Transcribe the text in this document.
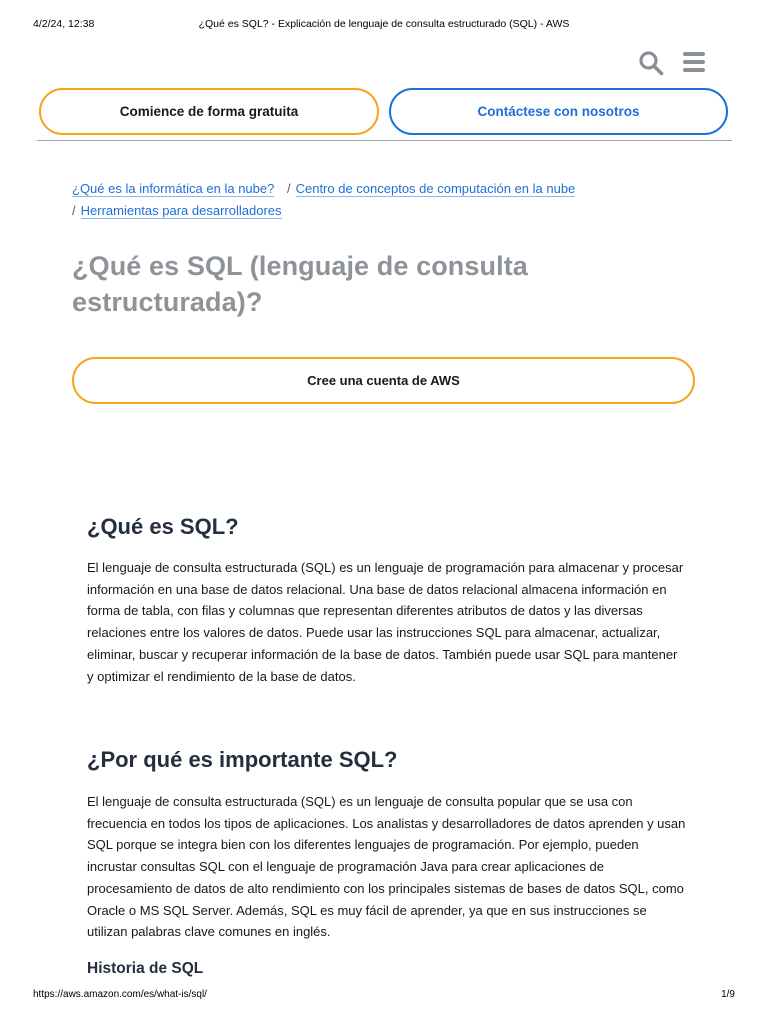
4/2/24, 12:38	¿Qué es SQL? - Explicación de lenguaje de consulta estructurado (SQL) - AWS
Comience de forma gratuita	Contáctese con nosotros
¿Qué es la informática en la nube? / Centro de conceptos de computación en la nube
/ Herramientas para desarrolladores
¿Qué es SQL (lenguaje de consulta estructurada)?
Cree una cuenta de AWS
¿Qué es SQL?

El lenguaje de consulta estructurada (SQL) es un lenguaje de programación para almacenar y procesar información en una base de datos relacional. Una base de datos relacional almacena información en forma de tabla, con filas y columnas que representan diferentes atributos de datos y las diversas relaciones entre los valores de datos. Puede usar las instrucciones SQL para almacenar, actualizar, eliminar, buscar y recuperar información de la base de datos. También puede usar SQL para mantener y optimizar el rendimiento de la base de datos.

¿Por qué es importante SQL?

El lenguaje de consulta estructurada (SQL) es un lenguaje de consulta popular que se usa con frecuencia en todos los tipos de aplicaciones. Los analistas y desarrolladores de datos aprenden y usan SQL porque se integra bien con los diferentes lenguajes de programación. Por ejemplo, pueden incrustar consultas SQL con el lenguaje de programación Java para crear aplicaciones de procesamiento de datos de alto rendimiento con los principales sistemas de bases de datos SQL, como Oracle o MS SQL Server. Además, SQL es muy fácil de aprender, ya que en sus instrucciones se utilizan palabras clave comunes en inglés.

Historia de SQL
https://aws.amazon.com/es/what-is/sql/	1/9
